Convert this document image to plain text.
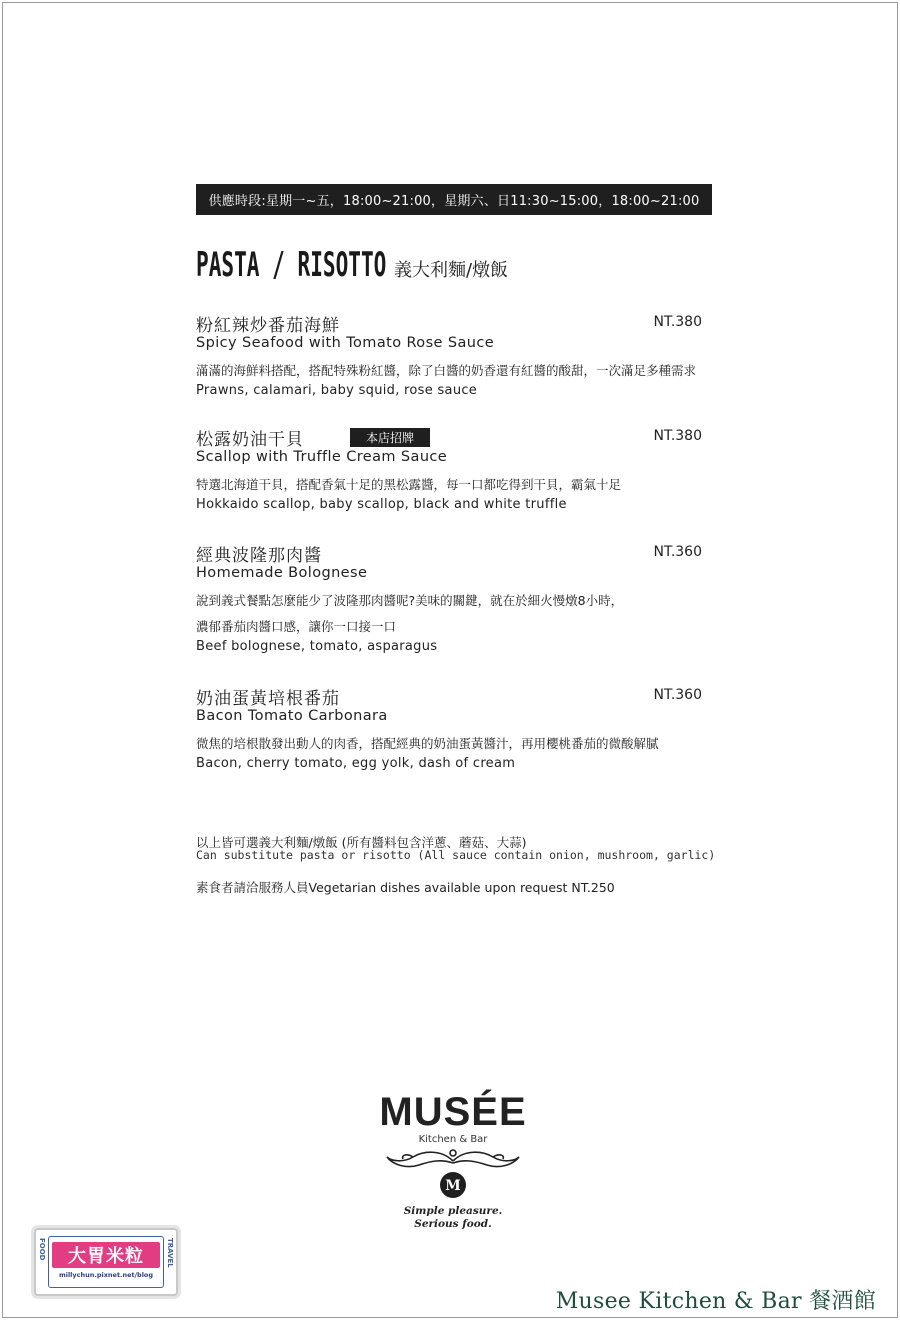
供應時段:星期一~五，18:00~21:00，星期六、日11:30~15:00，18:00~21:00
PASTA / RISOTTO 義大利麵/燉飯
粉紅辣炒番茄海鮮	NT.380
Spicy Seafood with Tomato Rose Sauce
滿滿的海鮮料搭配，搭配特殊粉紅醬，除了白醬的奶香還有紅醬的酸甜，一次滿足多種需求
Prawns, calamari, baby squid, rose sauce
松露奶油干貝	本店招牌	NT.380
Scallop with Truffle Cream Sauce
特選北海道干貝，搭配香氣十足的黑松露醬，每一口都吃得到干貝，霸氣十足
Hokkaido scallop, baby scallop, black and white truffle
經典波隆那肉醬	NT.360
Homemade Bolognese
說到義式餐點怎麼能少了波隆那肉醬呢?美味的關鍵，就在於細火慢燉8小時，
濃郁番茄肉醬口感，讓你一口接一口
Beef bolognese, tomato, asparagus
奶油蛋黃培根番茄	NT.360
Bacon Tomato Carbonara
微焦的培根散發出動人的肉香，搭配經典的奶油蛋黃醬汁，再用櫻桃番茄的微酸解膩
Bacon, cherry tomato, egg yolk, dash of cream
以上皆可選義大利麵/燉飯 (所有醬料包含洋蔥、蘑菇、大蒜)
Can substitute pasta or risotto (All sauce contain onion, mushroom, garlic)
素食者請洽服務人員Vegetarian dishes available upon request NT.250
MUSÉE
Kitchen & Bar
M
Simple pleasure.
Serious food.
FOOD	TRAVEL
大胃米粒
millychun.pixnet.net/blog
Musee Kitchen & Bar 餐酒館
